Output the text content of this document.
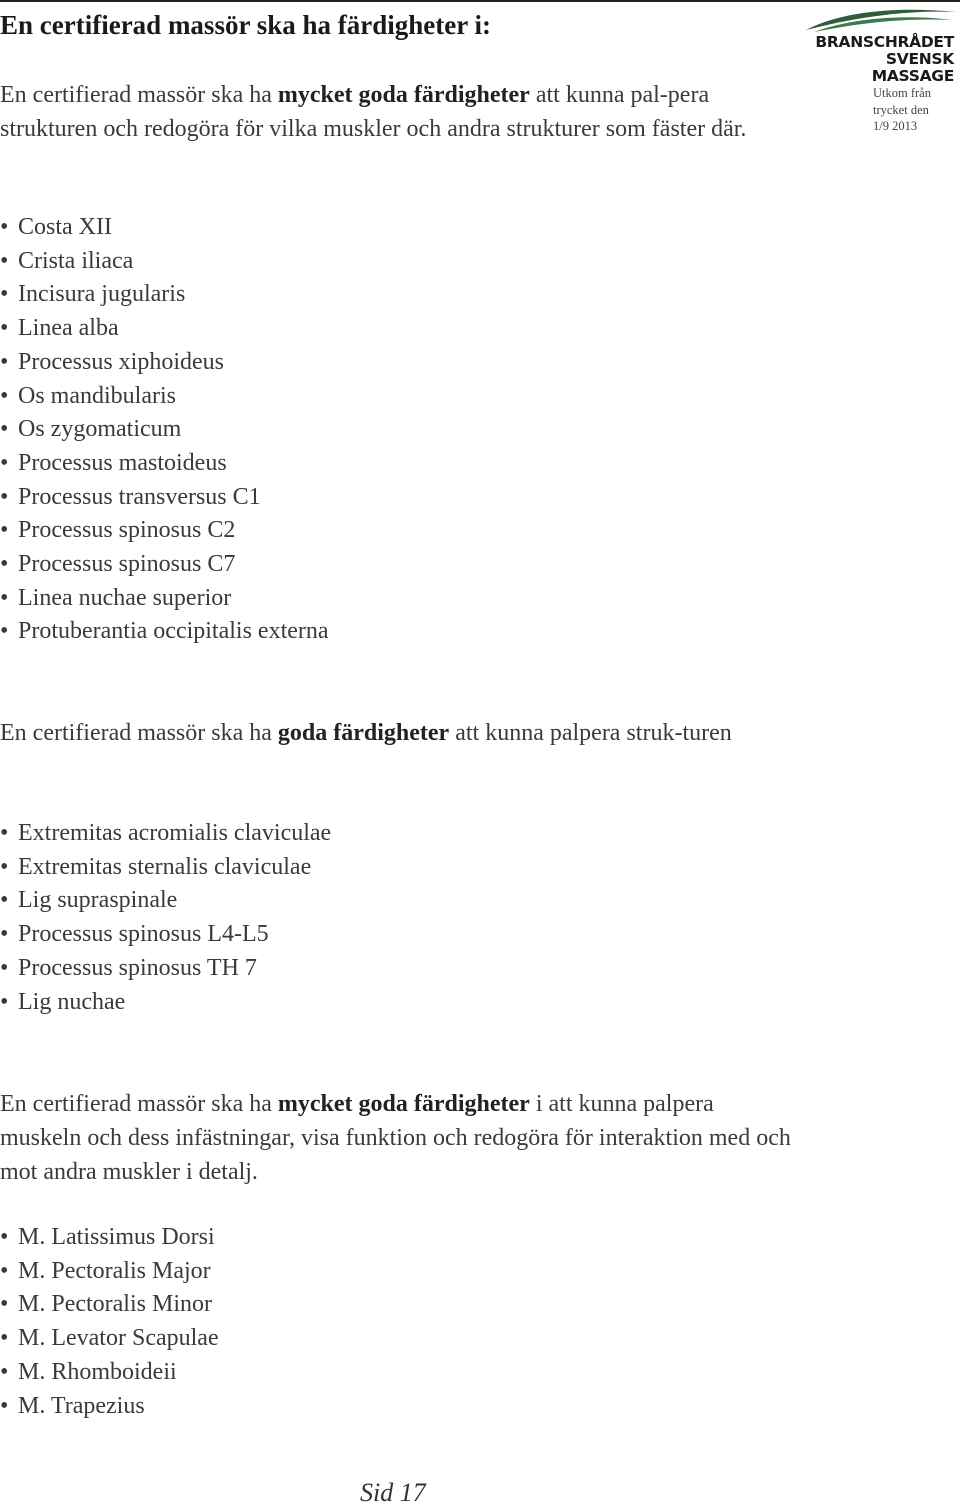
En certifierad massör ska ha färdigheter i:
BRANSCHRÅDET
SVENSK MASSAGE
Utkom från
trycket den
1/9 2013

En certifierad massör ska ha mycket goda färdigheter att kunna pal-pera strukturen och redogöra för vilka muskler och andra strukturer som fäster där.

• Costa XII
• Crista iliaca
• Incisura jugularis
• Linea alba
• Processus xiphoideus
• Os mandibularis
• Os zygomaticum
• Processus mastoideus
• Processus transversus C1
• Processus spinosus C2
• Processus spinosus C7
• Linea nuchae superior
• Protuberantia occipitalis externa

En certifierad massör ska ha goda färdigheter att kunna palpera struk-turen

• Extremitas acromialis claviculae
• Extremitas sternalis claviculae
• Lig supraspinale
• Processus spinosus L4-L5
• Processus spinosus TH 7
• Lig nuchae

En certifierad massör ska ha mycket goda färdigheter i att kunna palpera muskeln och dess infästningar, visa funktion och redogöra för interaktion med och mot andra muskler i detalj.

• M. Latissimus Dorsi
• M. Pectoralis Major
• M. Pectoralis Minor
• M. Levator Scapulae
• M. Rhomboideii
• M. Trapezius
Sid 17
